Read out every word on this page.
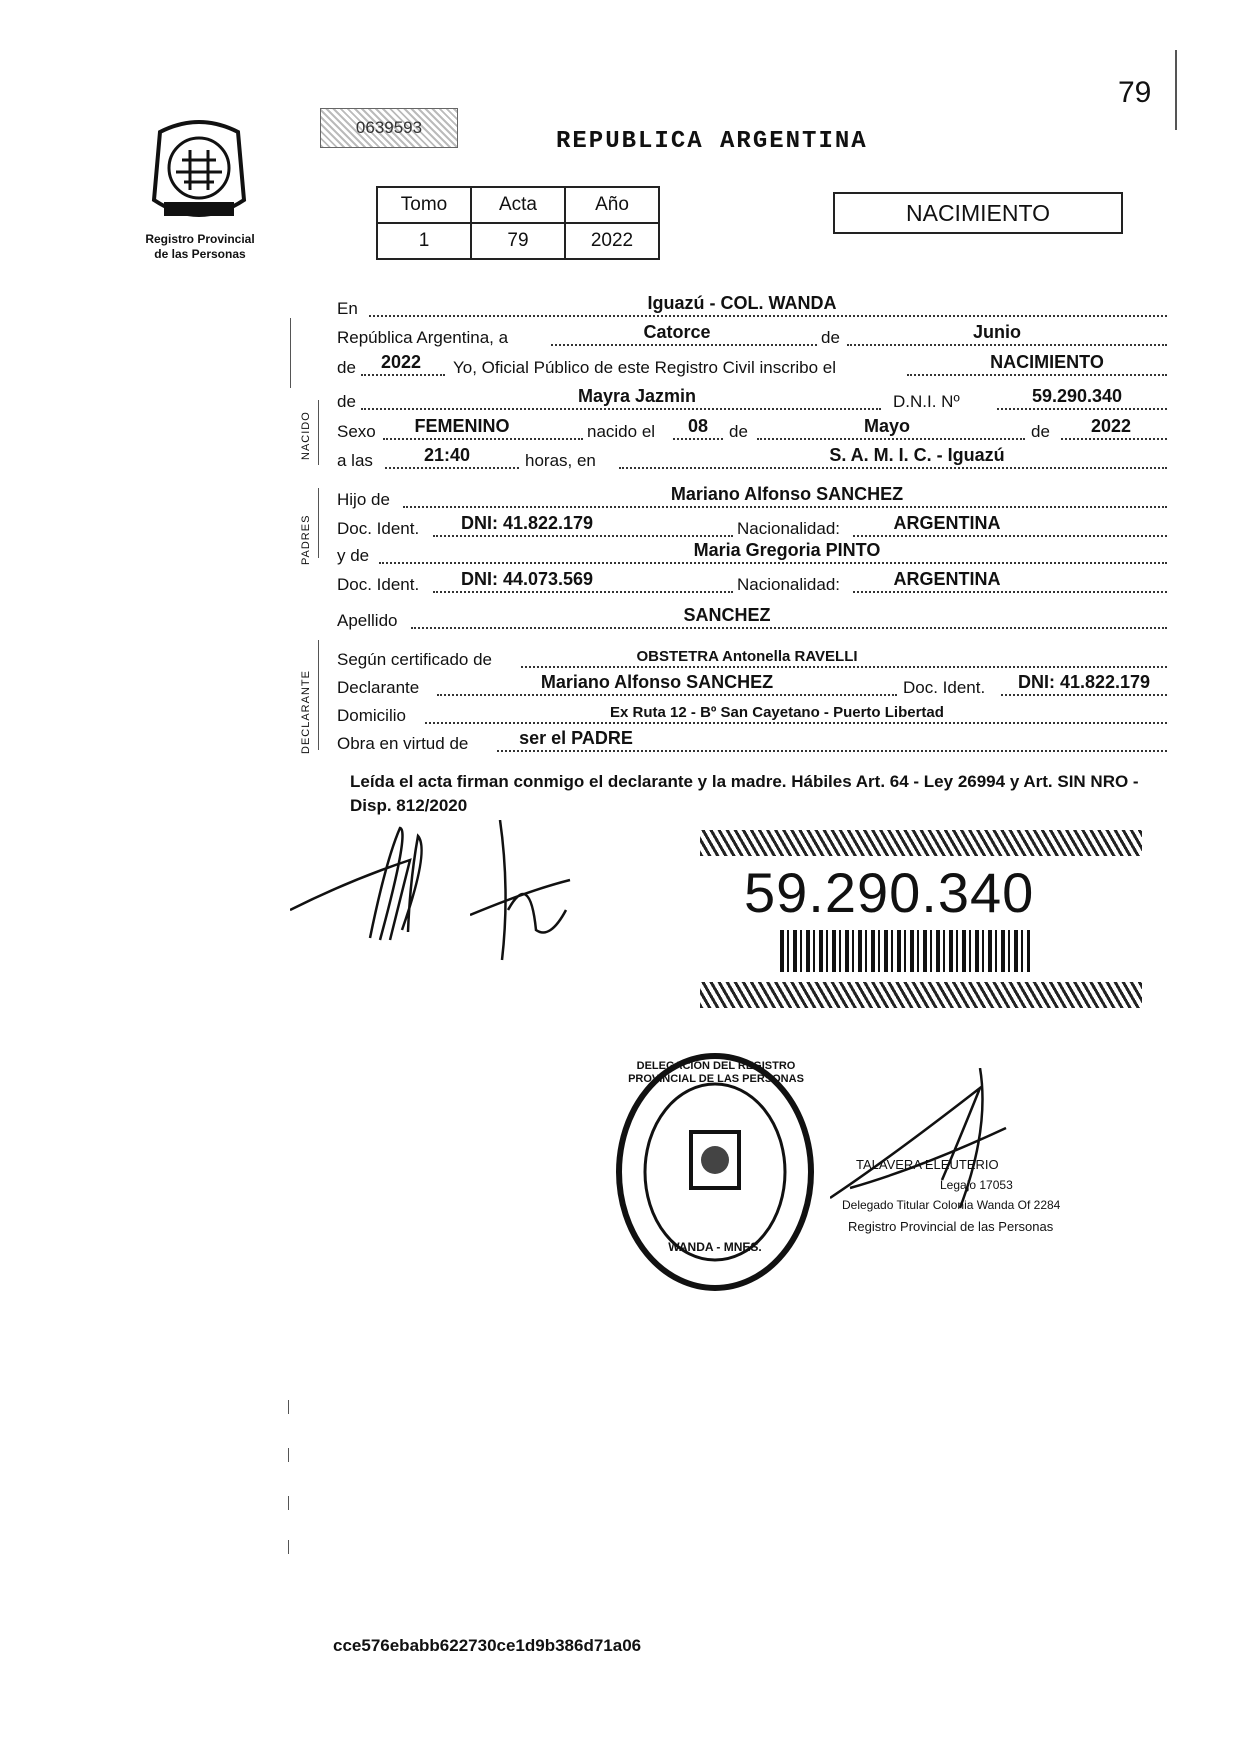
79
0639593
REPUBLICA ARGENTINA
Registro Provincial
de las Personas
Tomo	Acta	Año
1	79	2022
NACIMIENTO
NACIDO
PADRES
DECLARANTE
En	Iguazú - COL. WANDA
República Argentina, a	Catorce	de	Junio
de	2022	Yo, Oficial Público de este Registro Civil inscribo el	NACIMIENTO
de	Mayra Jazmin	D.N.I. Nº	59.290.340
Sexo	FEMENINO	nacido el	08	de	Mayo	de	2022
a las	21:40	horas, en	S. A. M. I. C. - Iguazú
Hijo de	Mariano Alfonso SANCHEZ
Doc. Ident.	DNI: 41.822.179	Nacionalidad:	ARGENTINA
y de	Maria Gregoria PINTO
Doc. Ident.	DNI: 44.073.569	Nacionalidad:	ARGENTINA
Apellido	SANCHEZ
Según certificado de	OBSTETRA Antonella RAVELLI
Declarante	Mariano Alfonso SANCHEZ	Doc. Ident.	DNI: 41.822.179
Domicilio	Ex Ruta 12 - Bº San Cayetano - Puerto Libertad
Obra en virtud de	ser el PADRE
Leída el acta firman conmigo el declarante y la madre. Hábiles Art. 64 - Ley 26994 y Art. SIN NRO - Disp. 812/2020
59.290.340
DELEGACION DEL REGISTRO PROVINCIAL DE LAS PERSONAS
WANDA - MNES.
TALAVERA ELEUTERIO
Legajo 17053
Delegado Titular Colonia Wanda Of 2284
Registro Provincial de las Personas
cce576ebabb622730ce1d9b386d71a06
